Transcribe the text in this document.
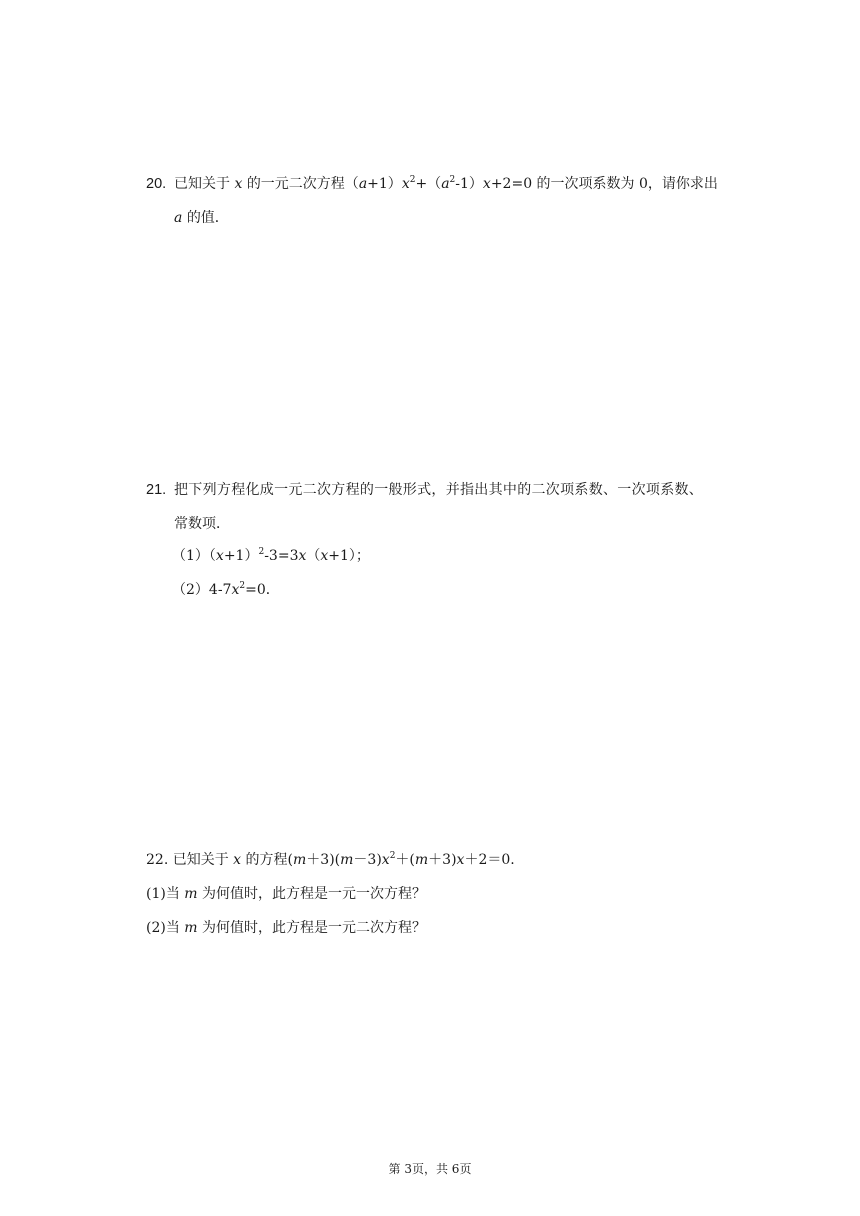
20. 已知关于 x 的一元二次方程$(a+1)x^2+(a^2-1)x+2=0$ 的一次项系数为 0，请你求出
a 的值．
21. 把下列方程化成一元二次方程的一般形式，并指出其中的二次项系数、一次项系数、
常数项．
$(1)(x+1)^2-3=3x(x+1)$；
$(2)4-7x^2=0$．
22. 已知关于 x 的方程$(m+3)(m-3)x^2+(m+3)x+2=0$.
(1)当 m 为何值时，此方程是一元一次方程？
(2)当 m 为何值时，此方程是一元二次方程？
第 3页，共 6页
